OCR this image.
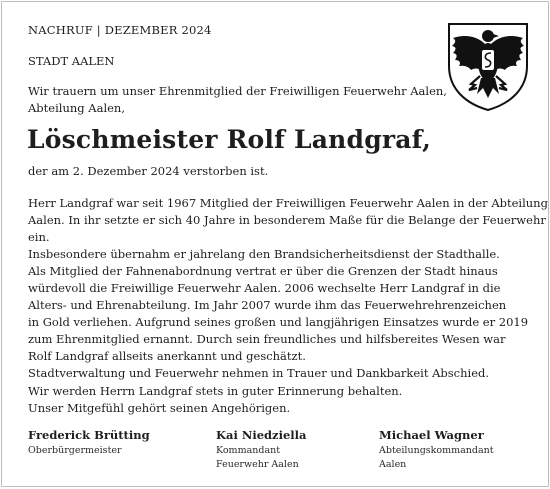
NACHRUF | DEZEMBER 2024
STADT AALEN
Wir trauern um unser Ehrenmitglied der Freiwilligen Feuerwehr Aalen, Abteilung Aalen,
Löschmeister Rolf Landgraf,
der am 2. Dezember 2024 verstorben ist.
Herr Landgraf war seit 1967 Mitglied der Freiwilligen Feuerwehr Aalen in der Abteilung
Aalen. In ihr setzte er sich 40 Jahre in besonderem Maße für die Belange der Feuerwehr
ein.
Insbesondere übernahm er jahrelang den Brandsicherheitsdienst der Stadthalle.
Als Mitglied der Fahnenabordnung vertrat er über die Grenzen der Stadt hinaus
würdevoll die Freiwillige Feuerwehr Aalen. 2006 wechselte Herr Landgraf in die
Alters- und Ehrenabteilung. Im Jahr 2007 wurde ihm das Feuerwehrehrenzeichen
in Gold verliehen. Aufgrund seines großen und langjährigen Einsatzes wurde er 2019
zum Ehrenmitglied ernannt. Durch sein freundliches und hilfsbereites Wesen war
Rolf Landgraf allseits anerkannt und geschätzt.
Stadtverwaltung und Feuerwehr nehmen in Trauer und Dankbarkeit Abschied.
Wir werden Herrn Landgraf stets in guter Erinnerung behalten.
Unser Mitgefühl gehört seinen Angehörigen.
Frederick Brütting
Oberbürgermeister
Kai Niedziella
Kommandant
Feuerwehr Aalen
Michael Wagner
Abteilungskommandant
Aalen
